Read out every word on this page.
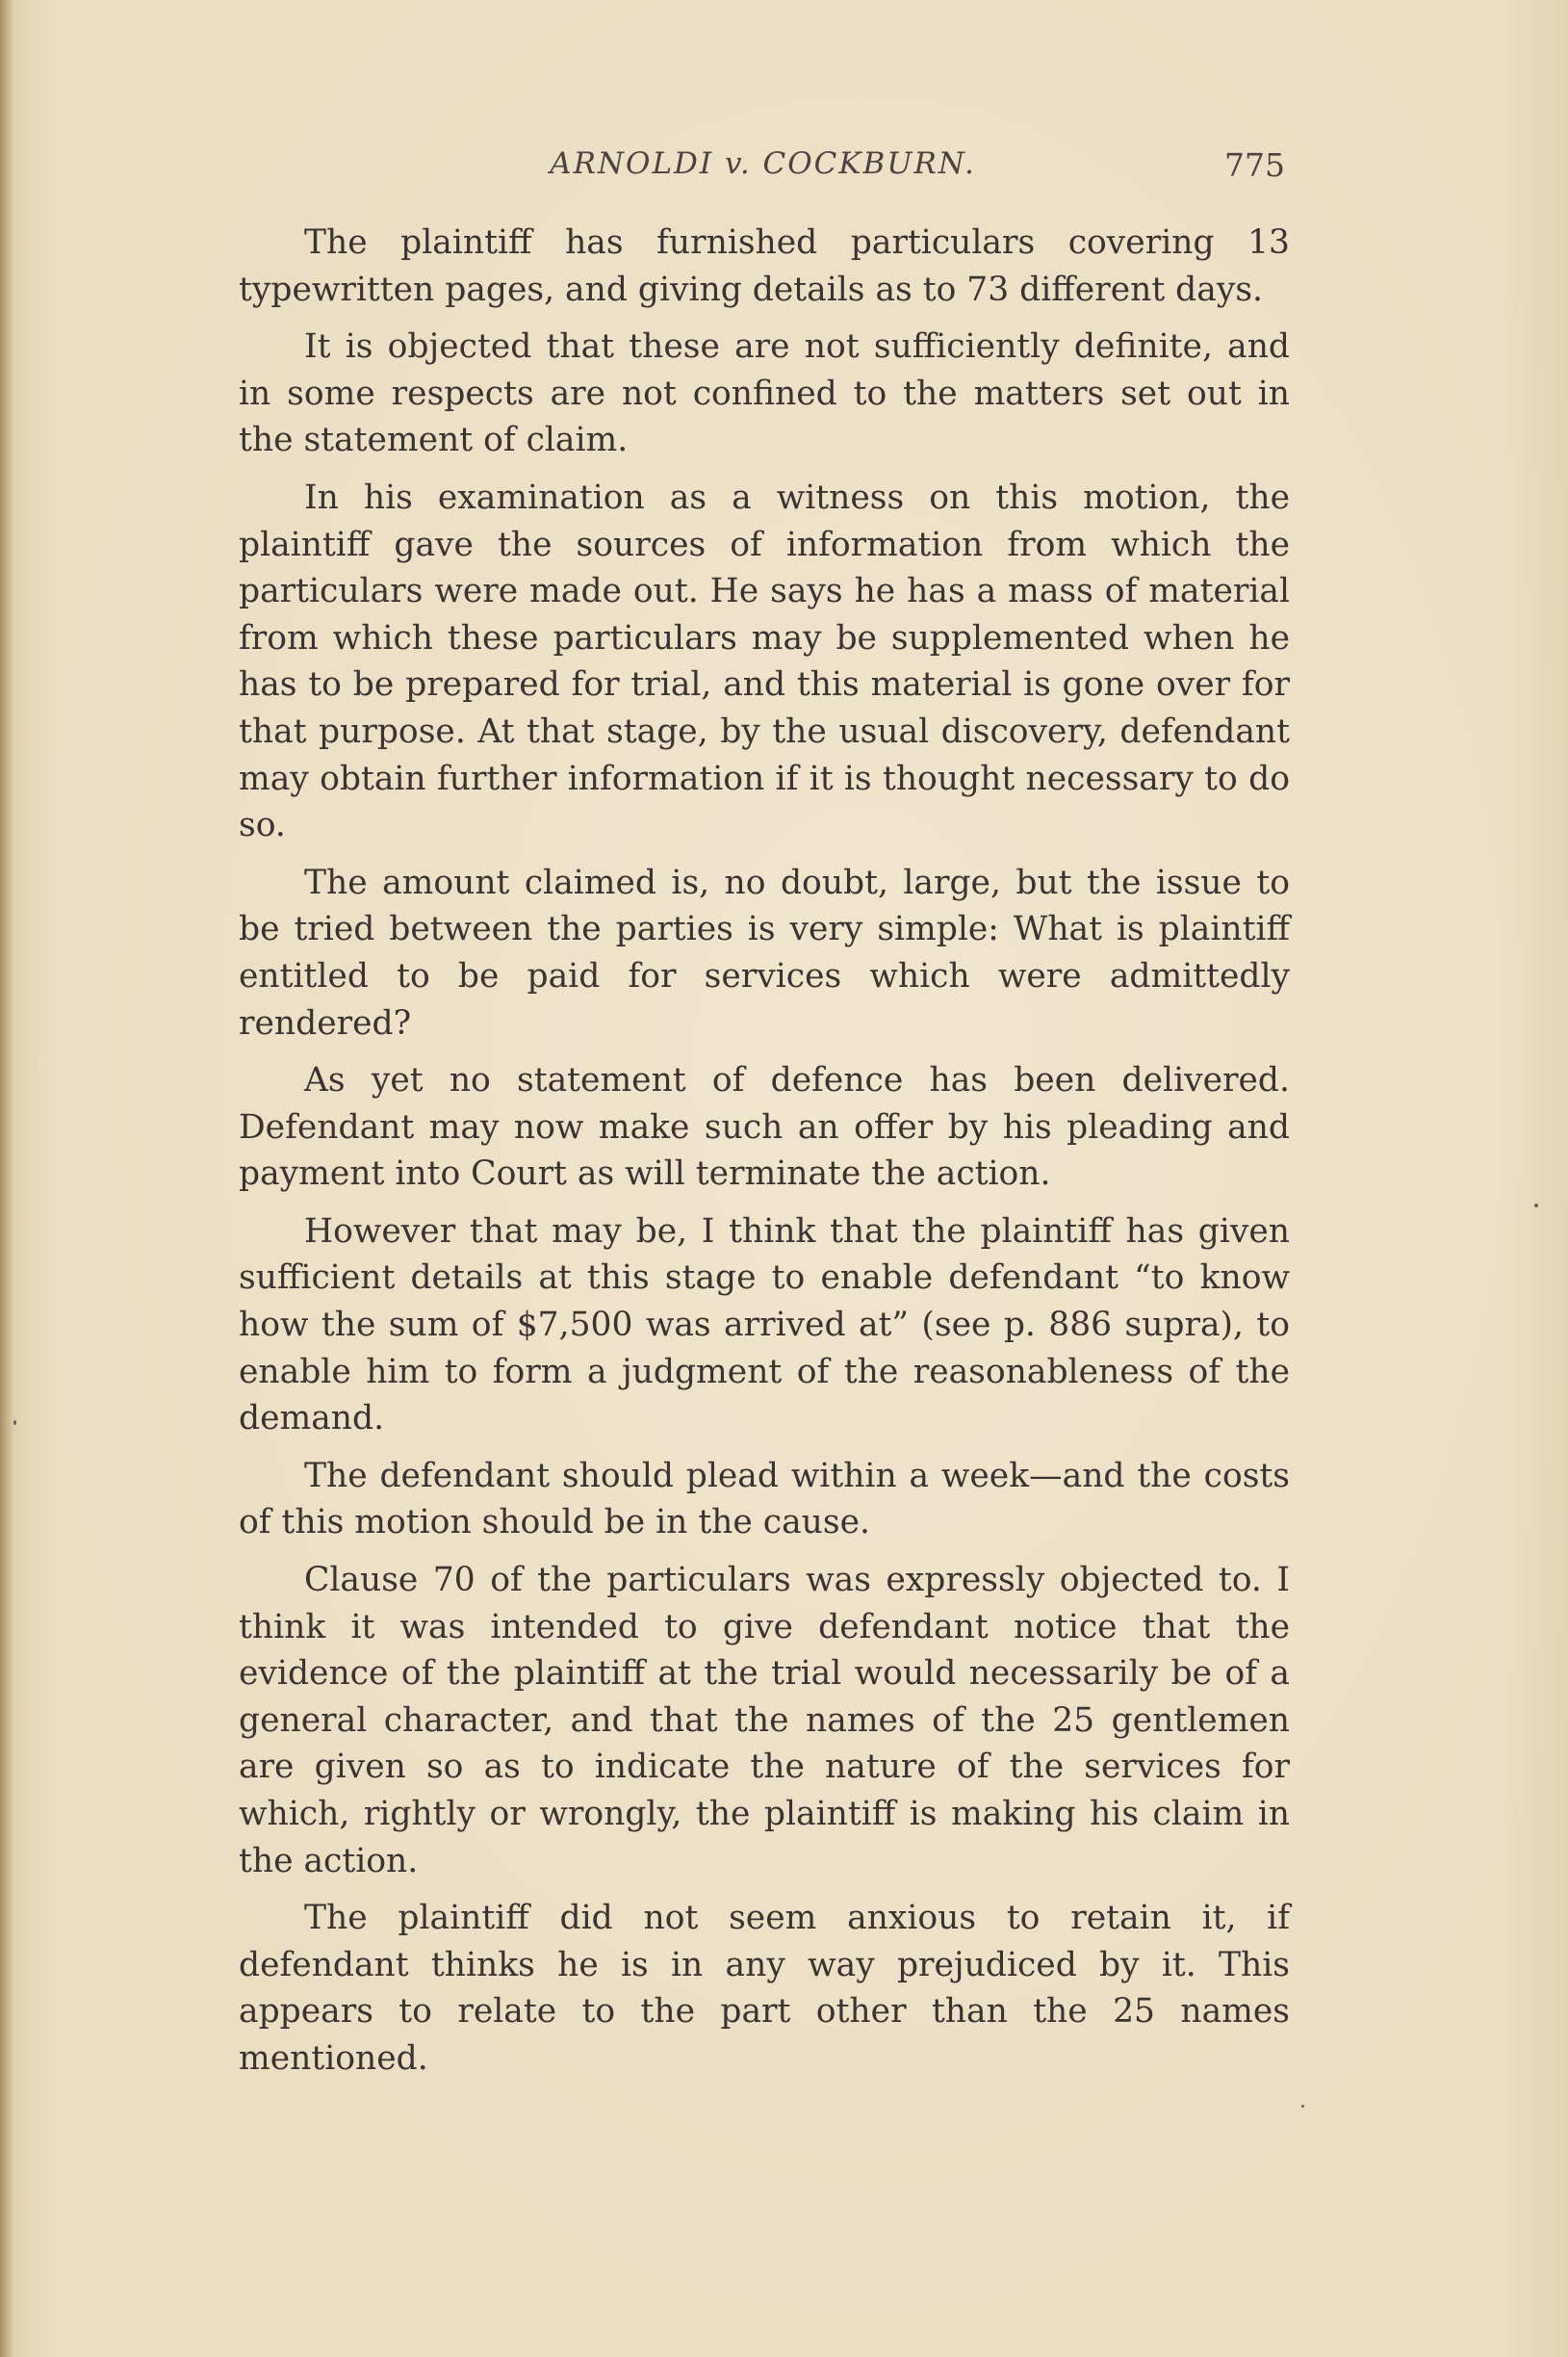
ARNOLDI v. COCKBURN.	775

The plaintiff has furnished particulars covering 13 typewritten pages, and giving details as to 73 different days.

It is objected that these are not sufficiently definite, and in some respects are not confined to the matters set out in the statement of claim.

In his examination as a witness on this motion, the plaintiff gave the sources of information from which the particulars were made out. He says he has a mass of material from which these particulars may be supplemented when he has to be prepared for trial, and this material is gone over for that purpose. At that stage, by the usual discovery, defendant may obtain further information if it is thought necessary to do so.

The amount claimed is, no doubt, large, but the issue to be tried between the parties is very simple: What is plaintiff entitled to be paid for services which were admittedly rendered?

As yet no statement of defence has been delivered. Defendant may now make such an offer by his pleading and payment into Court as will terminate the action.

However that may be, I think that the plaintiff has given sufficient details at this stage to enable defendant “to know how the sum of $7,500 was arrived at” (see p. 886 supra), to enable him to form a judgment of the reasonableness of the demand.

The defendant should plead within a week—and the costs of this motion should be in the cause.

Clause 70 of the particulars was expressly objected to. I think it was intended to give defendant notice that the evidence of the plaintiff at the trial would necessarily be of a general character, and that the names of the 25 gentlemen are given so as to indicate the nature of the services for which, rightly or wrongly, the plaintiff is making his claim in the action.

The plaintiff did not seem anxious to retain it, if defendant thinks he is in any way prejudiced by it. This appears to relate to the part other than the 25 names mentioned.
